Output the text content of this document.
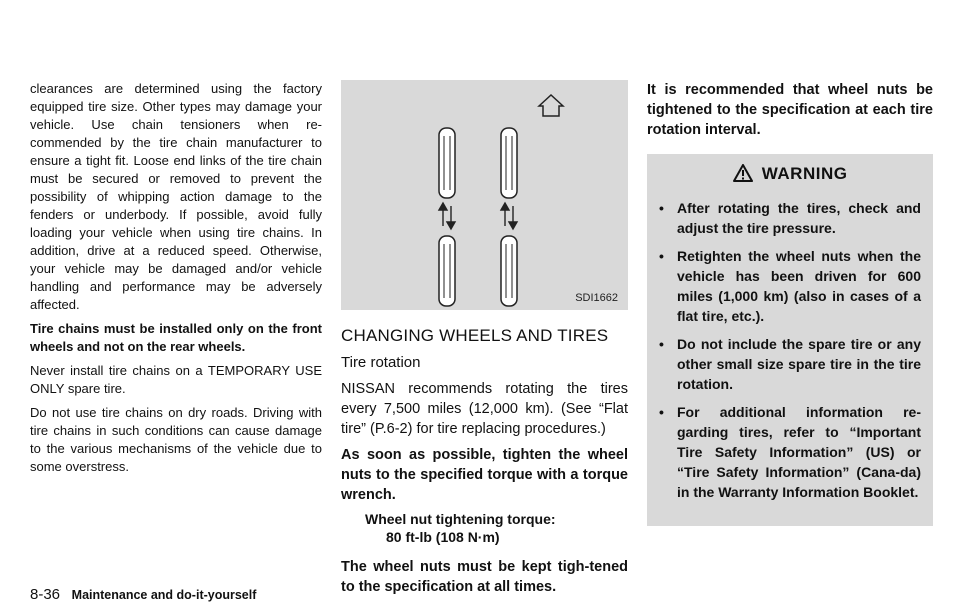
clearances are determined using the factory equipped tire size. Other types may damage your vehicle. Use chain tensioners when re-commended by the tire chain manufacturer to ensure a tight fit. Loose end links of the tire chain must be secured or removed to prevent the possibility of whipping action damage to the fenders or underbody. If possible, avoid fully loading your vehicle when using tire chains. In addition, drive at a reduced speed. Otherwise, your vehicle may be damaged and/or vehicle handling and performance may be adversely affected.

Tire chains must be installed only on the front wheels and not on the rear wheels.

Never install tire chains on a TEMPORARY USE ONLY spare tire.

Do not use tire chains on dry roads. Driving with tire chains in such conditions can cause damage to the various mechanisms of the vehicle due to some overstress.

SDI1662
CHANGING WHEELS AND TIRES
Tire rotation

NISSAN recommends rotating the tires every 7,500 miles (12,000 km). (See “Flat tire” (P.6-2) for tire replacing procedures.)

As soon as possible, tighten the wheel nuts to the specified torque with a torque wrench.

Wheel nut tightening torque:
80 ft-lb (108 N·m)

The wheel nuts must be kept tigh-tened to the specification at all times.

It is recommended that wheel nuts be tightened to the specification at each tire rotation interval.

WARNING
• After rotating the tires, check and adjust the tire pressure.
• Retighten the wheel nuts when the vehicle has been driven for 600 miles (1,000 km) (also in cases of a flat tire, etc.).
• Do not include the spare tire or any other small size spare tire in the tire rotation.
• For additional information re-garding tires, refer to “Important Tire Safety Information” (US) or “Tire Safety Information” (Cana-da) in the Warranty Information Booklet.
8-36 Maintenance and do-it-yourself
